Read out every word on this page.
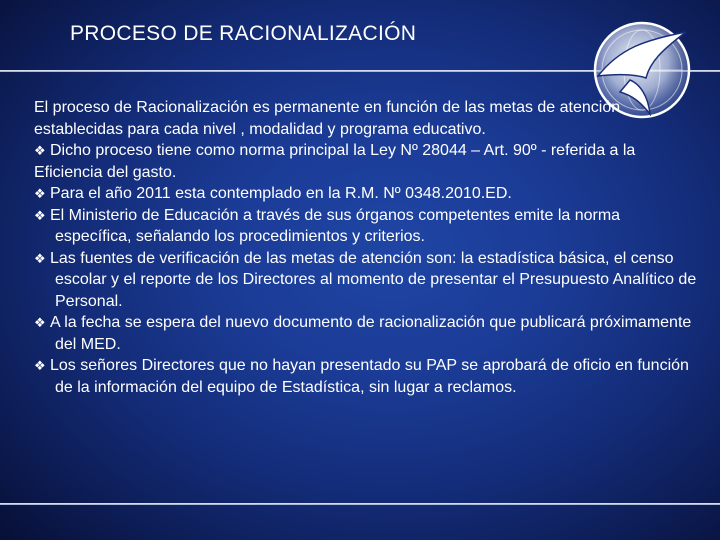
PROCESO DE RACIONALIZACIÓN

El proceso de Racionalización es permanente en función de las metas de atención establecidas para cada nivel , modalidad y programa educativo.

❖ Dicho proceso tiene como norma principal la Ley Nº 28044 – Art. 90º - referida a la Eficiencia del gasto.

❖ Para el año 2011 esta contemplado en la R.M. Nº 0348.2010.ED.

❖ El Ministerio de Educación a través de sus órganos competentes emite la norma específica, señalando los procedimientos y criterios.

❖ Las fuentes de verificación de las metas de atención son: la estadística básica, el censo escolar y el reporte de los Directores al momento de presentar el Presupuesto Analítico de Personal.

❖ A la fecha se espera del nuevo documento de racionalización que publicará próximamente del MED.

❖ Los señores Directores que no hayan presentado su PAP se aprobará de oficio en función de la información del equipo de Estadística, sin lugar a reclamos.
